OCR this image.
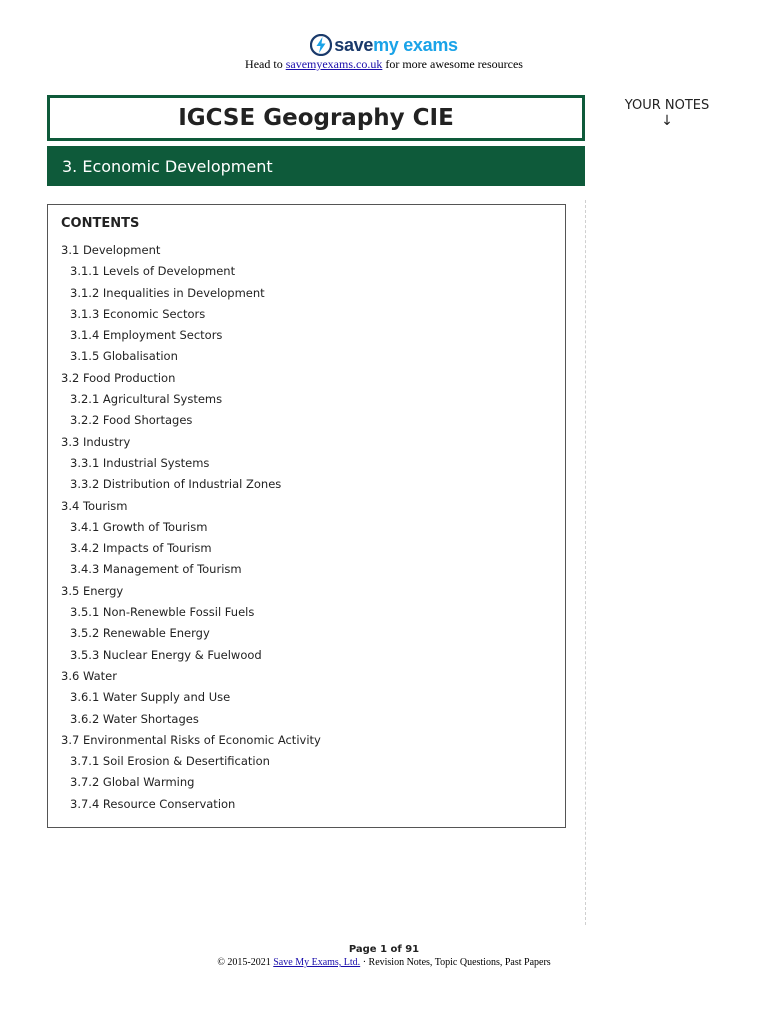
savemy exams
Head to savemyexams.co.uk for more awesome resources
IGCSE Geography CIE
3. Economic Development
YOUR NOTES
↓
CONTENTS
3.1 Development
3.1.1 Levels of Development
3.1.2 Inequalities in Development
3.1.3 Economic Sectors
3.1.4 Employment Sectors
3.1.5 Globalisation
3.2 Food Production
3.2.1 Agricultural Systems
3.2.2 Food Shortages
3.3 Industry
3.3.1 Industrial Systems
3.3.2 Distribution of Industrial Zones
3.4 Tourism
3.4.1 Growth of Tourism
3.4.2 Impacts of Tourism
3.4.3 Management of Tourism
3.5 Energy
3.5.1 Non-Renewble Fossil Fuels
3.5.2 Renewable Energy
3.5.3 Nuclear Energy & Fuelwood
3.6 Water
3.6.1 Water Supply and Use
3.6.2 Water Shortages
3.7 Environmental Risks of Economic Activity
3.7.1 Soil Erosion & Desertification
3.7.2 Global Warming
3.7.4 Resource Conservation
Page 1 of 91
© 2015-2021 Save My Exams, Ltd. · Revision Notes, Topic Questions, Past Papers
